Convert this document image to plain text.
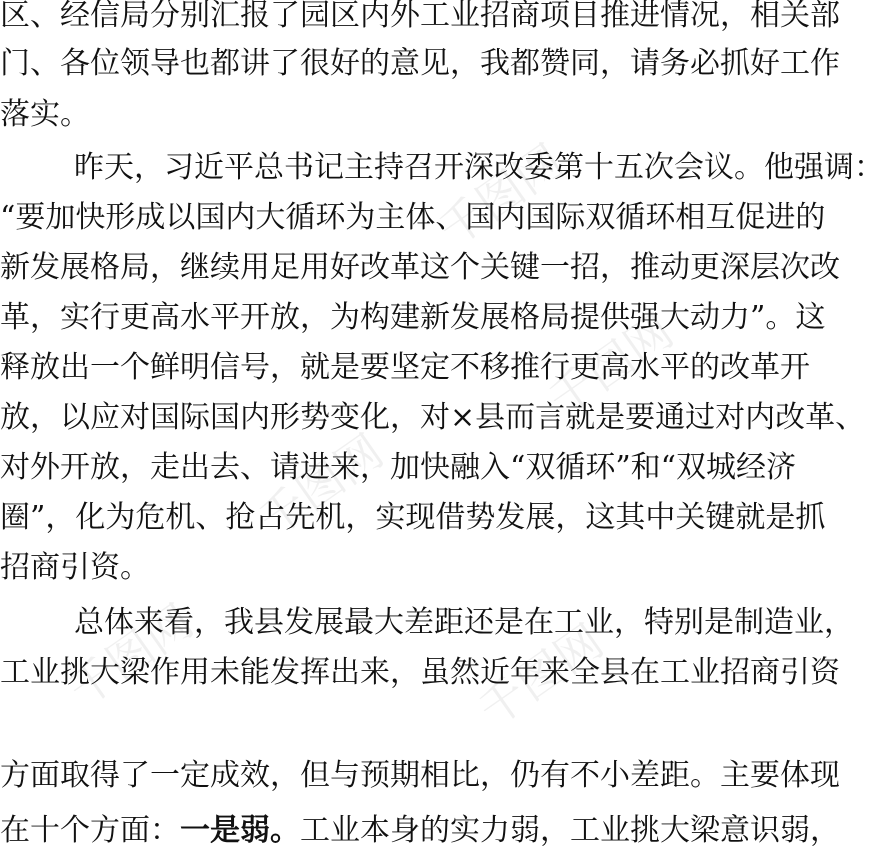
千图网
千图网
千图网
千图网	千图网
区、经信局分别汇报了园区内外工业招商项目推进情况，相关部
门、各位领导也都讲了很好的意见，我都赞同，请务必抓好工作
落实。
昨天，习近平总书记主持召开深改委第十五次会议。他强调：
“要加快形成以国内大循环为主体、国内国际双循环相互促进的
新发展格局，继续用足用好改革这个关键一招，推动更深层次改
革，实行更高水平开放，为构建新发展格局提供强大动力”。这
释放出一个鲜明信号，就是要坚定不移推行更高水平的改革开
放，以应对国际国内形势变化，对×县而言就是要通过对内改革、
对外开放，走出去、请进来，加快融入“双循环”和“双城经济
圈”，化为危机、抢占先机，实现借势发展，这其中关键就是抓
招商引资。
总体来看，我县发展最大差距还是在工业，特别是制造业，
工业挑大梁作用未能发挥出来，虽然近年来全县在工业招商引资
方面取得了一定成效，但与预期相比，仍有不小差距。主要体现
在十个方面：一是弱。工业本身的实力弱，工业挑大梁意识弱，
